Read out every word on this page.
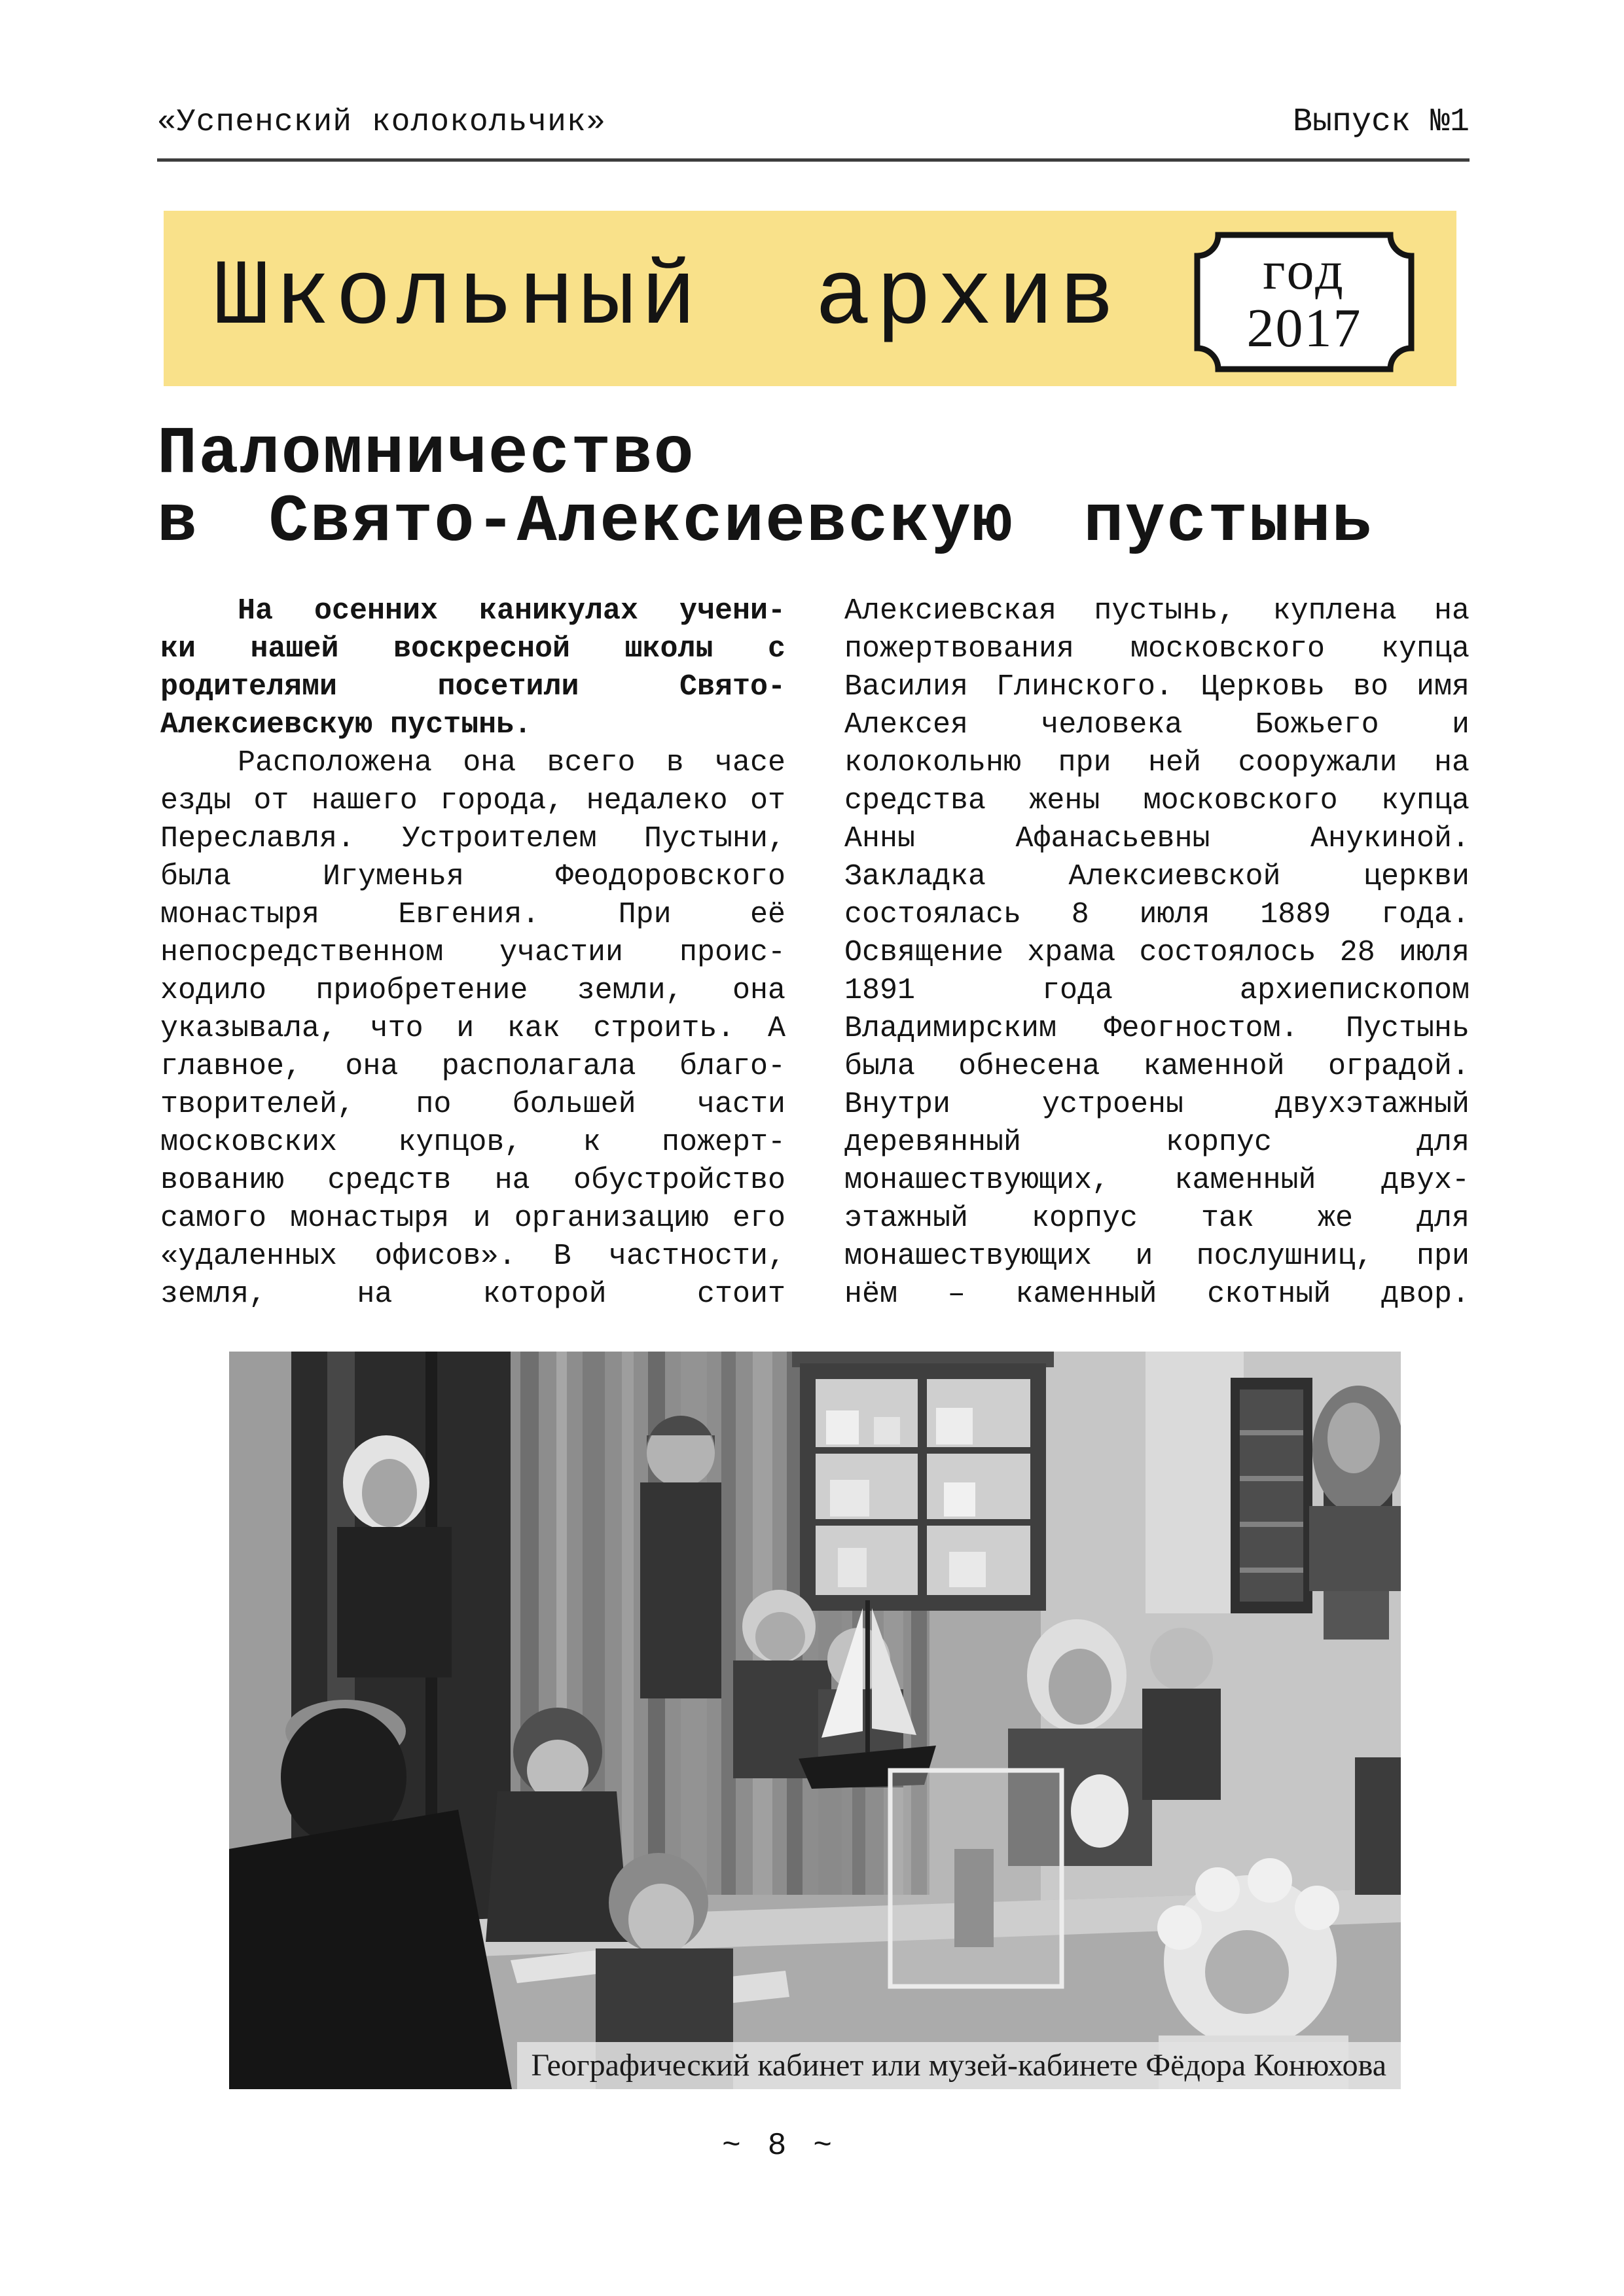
«Успенский колокольчик»	Выпуск №1
Школьный архив	год
2017
Паломничество
в Свято-Алексиевскую пустынь
На осенних каникулах учени-
ки нашей воскресной школы с
родителями посетили Свято-
Алексиевскую пустынь.
Расположена она всего в часе
езды от нашего города, недалеко от
Переславля. Устроителем Пустыни,
была Игуменья Феодоровского
монастыря Евгения. При её
непосредственном участии проис-
ходило приобретение земли, она
указывала, что и как строить. А
главное, она располагала благо-
творителей, по большей части
московских купцов, к пожерт-
вованию средств на обустройство
самого монастыря и организацию его
«удаленных офисов». В частности,
земля, на которой стоит
Алексиевская пустынь, куплена на
пожертвования московского купца
Василия Глинского. Церковь во имя
Алексея человека Божьего и
колокольню при ней сооружали на
средства жены московского купца
Анны Афанасьевны Анукиной.
Закладка Алексиевской церкви
состоялась 8 июля 1889 года.
Освящение храма состоялось 28 июля
1891 года архиепископом
Владимирским Феогностом. Пустынь
была обнесена каменной оградой.
Внутри устроены двухэтажный
деревянный корпус для
монашествующих, каменный двух-
этажный корпус так же для
монашествующих и послушниц, при
нём – каменный скотный двор.
Географический кабинет или музей-кабинете Фёдора Конюхова
~ 8 ~
